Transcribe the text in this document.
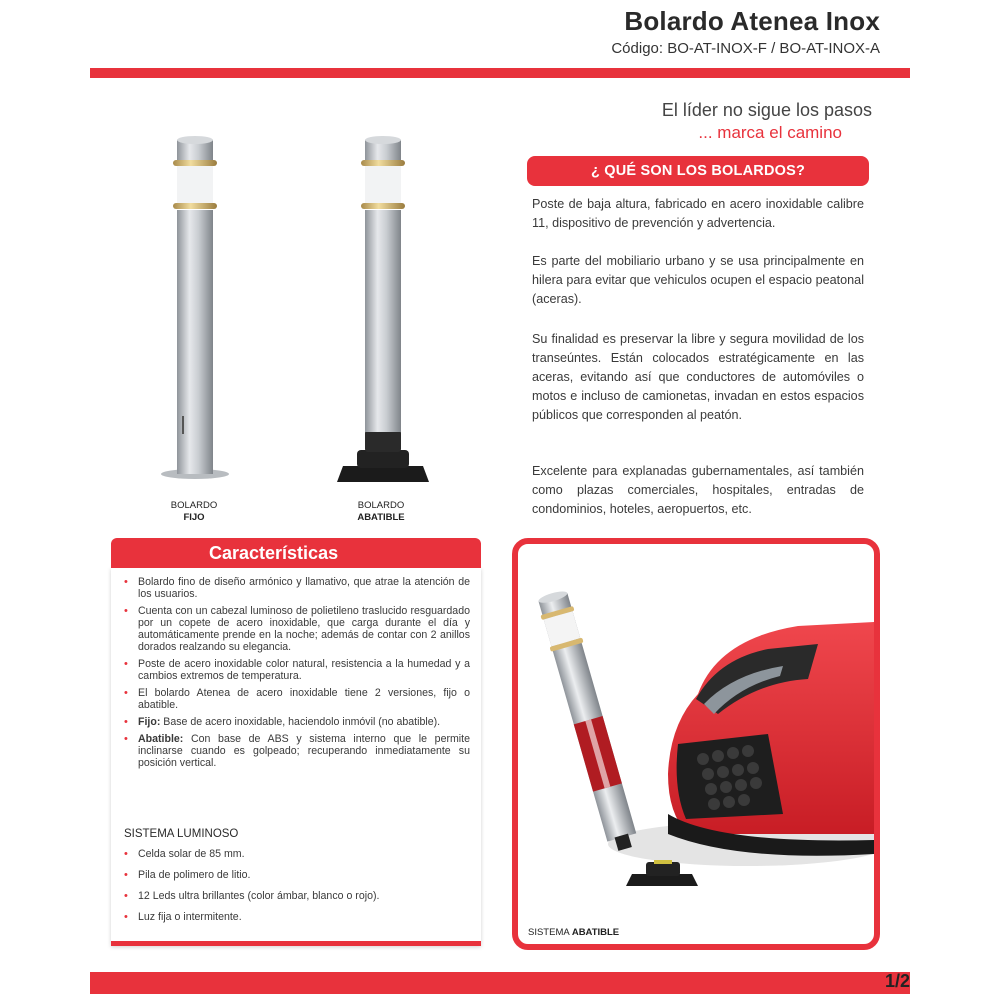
Bolardo Atenea Inox
Código: BO-AT-INOX-F / BO-AT-INOX-A
El líder no sigue los pasos
... marca el camino
BOLARDO
FIJO
BOLARDO
ABATIBLE
¿ QUÉ SON LOS BOLARDOS?

Poste de baja altura, fabricado en acero inoxidable calibre 11, dispositivo de prevención y advertencia.

Es parte del mobiliario urbano y se usa principalmente en hilera para evitar que vehiculos ocupen el espacio peatonal (aceras).

Su finalidad es preservar la libre y segura movilidad de los transeúntes. Están colocados estratégicamente en las aceras, evitando así que conductores de automóviles o motos e incluso de camionetas, invadan en estos espacios públicos que corresponden al peatón.

Excelente para explanadas gubernamentales, así también como plazas comerciales, hospitales, entradas de condominios, hoteles, aeropuertos, etc.

Características
• Bolardo fino de diseño armónico y llamativo, que atrae la atención de los usuarios.
• Cuenta con un cabezal luminoso de polietileno traslucido resguardado por un copete de acero inoxidable, que carga durante el día y automáticamente prende en la noche; además de contar con 2 anillos dorados realzando su elegancia.
• Poste de acero inoxidable color natural, resistencia a la humedad y a cambios extremos de temperatura.
• El bolardo Atenea de acero inoxidable tiene 2 versiones, fijo o abatible.
• Fijo: Base de acero inoxidable, haciendolo inmóvil (no abatible).
• Abatible: Con base de ABS y sistema interno que le permite inclinarse cuando es golpeado; recuperando inmediatamente su posición vertical.
SISTEMA LUMINOSO
• Celda solar de 85 mm.
• Pila de polimero de litio.
• 12 Leds ultra brillantes (color ámbar, blanco o rojo).
• Luz fija o intermitente.
SISTEMA ABATIBLE
1/2
